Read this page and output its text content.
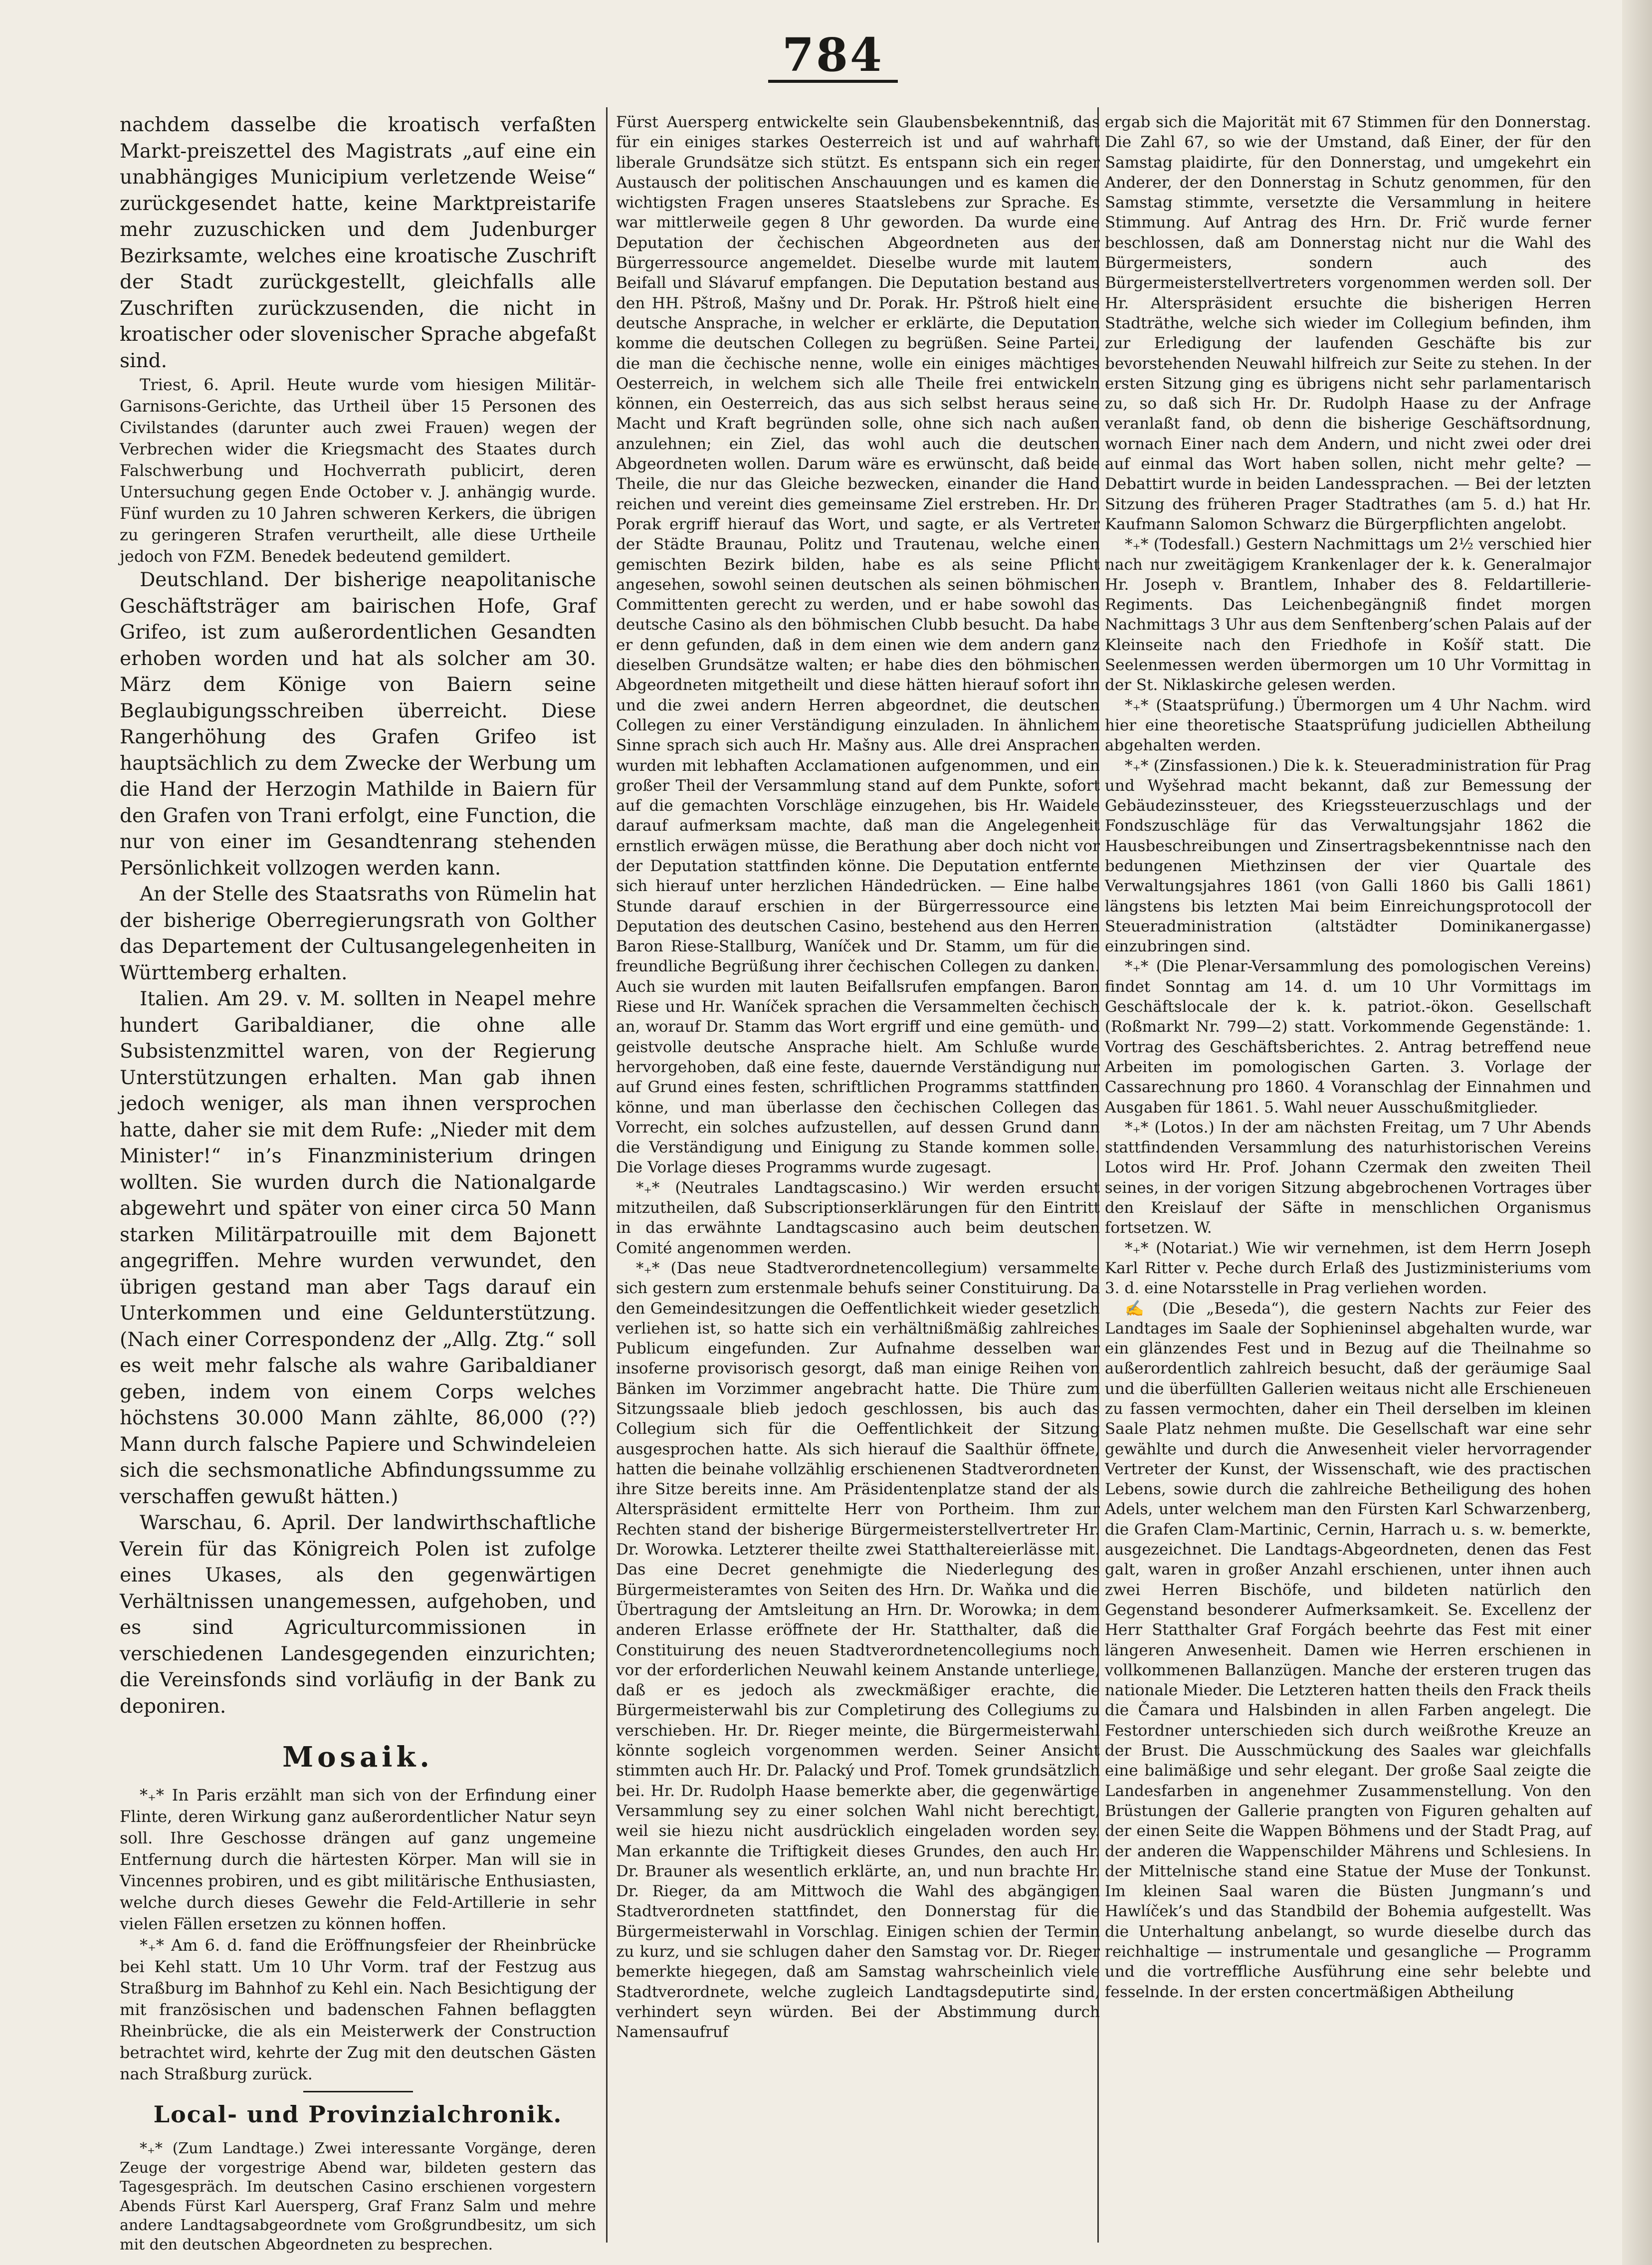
784

nachdem dasselbe die kroatisch verfaßten Markt-preiszettel des Magistrats „auf eine ein unabhängiges Municipium verletzende Weise“ zurückgesendet hatte, keine Marktpreistarife mehr zuzuschicken und dem Judenburger Bezirksamte, welches eine kroatische Zuschrift der Stadt zurückgestellt, gleichfalls alle Zuschriften zurückzusenden, die nicht in kroatischer oder slovenischer Sprache abgefaßt sind.

Triest, 6. April. Heute wurde vom hiesigen Militär-Garnisons-Gerichte, das Urtheil über 15 Personen des Civilstandes (darunter auch zwei Frauen) wegen der Verbrechen wider die Kriegsmacht des Staates durch Falschwerbung und Hochverrath publicirt, deren Untersuchung gegen Ende October v. J. anhängig wurde. Fünf wurden zu 10 Jahren schweren Kerkers, die übrigen zu geringeren Strafen verurtheilt, alle diese Urtheile jedoch von FZM. Benedek bedeutend gemildert.

Deutschland. Der bisherige neapolitanische Geschäftsträger am bairischen Hofe, Graf Grifeo, ist zum außerordentlichen Gesandten erhoben worden und hat als solcher am 30. März dem Könige von Baiern seine Beglaubigungsschreiben überreicht. Diese Rangerhöhung des Grafen Grifeo ist hauptsächlich zu dem Zwecke der Werbung um die Hand der Herzogin Mathilde in Baiern für den Grafen von Trani erfolgt, eine Function, die nur von einer im Gesandtenrang stehenden Persönlichkeit vollzogen werden kann.

An der Stelle des Staatsraths von Rümelin hat der bisherige Oberregierungsrath von Golther das Departement der Cultusangelegenheiten in Württemberg erhalten.

Italien. Am 29. v. M. sollten in Neapel mehre hundert Garibaldianer, die ohne alle Subsistenzmittel waren, von der Regierung Unterstützungen erhalten. Man gab ihnen jedoch weniger, als man ihnen versprochen hatte, daher sie mit dem Rufe: „Nieder mit dem Minister!“ in’s Finanzministerium dringen wollten. Sie wurden durch die Nationalgarde abgewehrt und später von einer circa 50 Mann starken Militärpatrouille mit dem Bajonett angegriffen. Mehre wurden verwundet, den übrigen gestand man aber Tags darauf ein Unterkommen und eine Geldunterstützung. (Nach einer Correspondenz der „Allg. Ztg.“ soll es weit mehr falsche als wahre Garibaldianer geben, indem von einem Corps welches höchstens 30.000 Mann zählte, 86,000 (??) Mann durch falsche Papiere und Schwindeleien sich die sechsmonatliche Abfindungssumme zu verschaffen gewußt hätten.)

Warschau, 6. April. Der landwirthschaftliche Verein für das Königreich Polen ist zufolge eines Ukases, als den gegenwärtigen Verhältnissen unangemessen, aufgehoben, und es sind Agriculturcommissionen in verschiedenen Landesgegenden einzurichten; die Vereinsfonds sind vorläufig in der Bank zu deponiren.

Mosaik.

*₊* In Paris erzählt man sich von der Erfindung einer Flinte, deren Wirkung ganz außerordentlicher Natur seyn soll. Ihre Geschosse drängen auf ganz ungemeine Entfernung durch die härtesten Körper. Man will sie in Vincennes probiren, und es gibt militärische Enthusiasten, welche durch dieses Gewehr die Feld-Artillerie in sehr vielen Fällen ersetzen zu können hoffen.

*₊* Am 6. d. fand die Eröffnungsfeier der Rheinbrücke bei Kehl statt. Um 10 Uhr Vorm. traf der Festzug aus Straßburg im Bahnhof zu Kehl ein. Nach Besichtigung der mit französischen und badenschen Fahnen beflaggten Rheinbrücke, die als ein Meisterwerk der Construction betrachtet wird, kehrte der Zug mit den deutschen Gästen nach Straßburg zurück.

Local- und Provinzialchronik.

*₊* (Zum Landtage.) Zwei interessante Vorgänge, deren Zeuge der vorgestrige Abend war, bildeten gestern das Tagesgespräch. Im deutschen Casino erschienen vorgestern Abends Fürst Karl Auersperg, Graf Franz Salm und mehre andere Landtagsabgeordnete vom Großgrundbesitz, um sich mit den deutschen Abgeordneten zu besprechen.

Fürst Auersperg entwickelte sein Glaubensbekenntniß, das für ein einiges starkes Oesterreich ist und auf wahrhaft liberale Grundsätze sich stützt. Es entspann sich ein reger Austausch der politischen Anschauungen und es kamen die wichtigsten Fragen unseres Staatslebens zur Sprache. Es war mittlerweile gegen 8 Uhr geworden. Da wurde eine Deputation der čechischen Abgeordneten aus der Bürgerressource angemeldet. Dieselbe wurde mit lautem Beifall und Slávaruf empfangen. Die Deputation bestand aus den HH. Pštroß, Mašny und Dr. Porak. Hr. Pštroß hielt eine deutsche Ansprache, in welcher er erklärte, die Deputation komme die deutschen Collegen zu begrüßen. Seine Partei, die man die čechische nenne, wolle ein einiges mächtiges Oesterreich, in welchem sich alle Theile frei entwickeln können, ein Oesterreich, das aus sich selbst heraus seine Macht und Kraft begründen solle, ohne sich nach außen anzulehnen; ein Ziel, das wohl auch die deutschen Abgeordneten wollen. Darum wäre es erwünscht, daß beide Theile, die nur das Gleiche bezwecken, einander die Hand reichen und vereint dies gemeinsame Ziel erstreben. Hr. Dr. Porak ergriff hierauf das Wort, und sagte, er als Vertreter der Städte Braunau, Politz und Trautenau, welche einen gemischten Bezirk bilden, habe es als seine Pflicht angesehen, sowohl seinen deutschen als seinen böhmischen Committenten gerecht zu werden, und er habe sowohl das deutsche Casino als den böhmischen Clubb besucht. Da habe er denn gefunden, daß in dem einen wie dem andern ganz dieselben Grundsätze walten; er habe dies den böhmischen Abgeordneten mitgetheilt und diese hätten hierauf sofort ihn und die zwei andern Herren abgeordnet, die deutschen Collegen zu einer Verständigung einzuladen. In ähnlichem Sinne sprach sich auch Hr. Mašny aus. Alle drei Ansprachen wurden mit lebhaften Acclamationen aufgenommen, und ein großer Theil der Versammlung stand auf dem Punkte, sofort auf die gemachten Vorschläge einzugehen, bis Hr. Waidele darauf aufmerksam machte, daß man die Angelegenheit ernstlich erwägen müsse, die Berathung aber doch nicht vor der Deputation stattfinden könne. Die Deputation entfernte sich hierauf unter herzlichen Händedrücken. — Eine halbe Stunde darauf erschien in der Bürgerressource eine Deputation des deutschen Casino, bestehend aus den Herren Baron Riese-Stallburg, Waníček und Dr. Stamm, um für die freundliche Begrüßung ihrer čechischen Collegen zu danken. Auch sie wurden mit lauten Beifallsrufen empfangen. Baron Riese und Hr. Waníček sprachen die Versammelten čechisch an, worauf Dr. Stamm das Wort ergriff und eine gemüth- und geistvolle deutsche Ansprache hielt. Am Schluße wurde hervorgehoben, daß eine feste, dauernde Verständigung nur auf Grund eines festen, schriftlichen Programms stattfinden könne, und man überlasse den čechischen Collegen das Vorrecht, ein solches aufzustellen, auf dessen Grund dann die Verständigung und Einigung zu Stande kommen solle. Die Vorlage dieses Programms wurde zugesagt.

*₊* (Neutrales Landtagscasino.) Wir werden ersucht mitzutheilen, daß Subscriptionserklärungen für den Eintritt in das erwähnte Landtagscasino auch beim deutschen Comité angenommen werden.

*₊* (Das neue Stadtverordnetencollegium) versammelte sich gestern zum erstenmale behufs seiner Constituirung. Da den Gemeindesitzungen die Oeffentlichkeit wieder gesetzlich verliehen ist, so hatte sich ein verhältnißmäßig zahlreiches Publicum eingefunden. Zur Aufnahme desselben war insoferne provisorisch gesorgt, daß man einige Reihen von Bänken im Vorzimmer angebracht hatte. Die Thüre zum Sitzungssaale blieb jedoch geschlossen, bis auch das Collegium sich für die Oeffentlichkeit der Sitzung ausgesprochen hatte. Als sich hierauf die Saalthür öffnete, hatten die beinahe vollzählig erschienenen Stadtverordneten ihre Sitze bereits inne. Am Präsidentenplatze stand der als Alterspräsident ermittelte Herr von Portheim. Ihm zur Rechten stand der bisherige Bürgermeisterstellvertreter Hr. Dr. Worowka. Letzterer theilte zwei Statthaltereierlässe mit. Das eine Decret genehmigte die Niederlegung des Bürgermeisteramtes von Seiten des Hrn. Dr. Waňka und die Übertragung der Amtsleitung an Hrn. Dr. Worowka; in dem anderen Erlasse eröffnete der Hr. Statthalter, daß die Constituirung des neuen Stadtverordnetencollegiums noch vor der erforderlichen Neuwahl keinem Anstande unterliege, daß er es jedoch als zweckmäßiger erachte, die Bürgermeisterwahl bis zur Completirung des Collegiums zu verschieben. Hr. Dr. Rieger meinte, die Bürgermeisterwahl könnte sogleich vorgenommen werden. Seiner Ansicht stimmten auch Hr. Dr. Palacký und Prof. Tomek grundsätzlich bei. Hr. Dr. Rudolph Haase bemerkte aber, die gegenwärtige Versammlung sey zu einer solchen Wahl nicht berechtigt, weil sie hiezu nicht ausdrücklich eingeladen worden sey. Man erkannte die Triftigkeit dieses Grundes, den auch Hr. Dr. Brauner als wesentlich erklärte, an, und nun brachte Hr. Dr. Rieger, da am Mittwoch die Wahl des abgängigen Stadtverordneten stattfindet, den Donnerstag für die Bürgermeisterwahl in Vorschlag. Einigen schien der Termin zu kurz, und sie schlugen daher den Samstag vor. Dr. Rieger bemerkte hiegegen, daß am Samstag wahrscheinlich viele Stadtverordnete, welche zugleich Landtagsdeputirte sind, verhindert seyn würden. Bei der Abstimmung durch Namensaufruf

ergab sich die Majorität mit 67 Stimmen für den Donnerstag. Die Zahl 67, so wie der Umstand, daß Einer, der für den Samstag plaidirte, für den Donnerstag, und umgekehrt ein Anderer, der den Donnerstag in Schutz genommen, für den Samstag stimmte, versetzte die Versammlung in heitere Stimmung. Auf Antrag des Hrn. Dr. Frič wurde ferner beschlossen, daß am Donnerstag nicht nur die Wahl des Bürgermeisters, sondern auch des Bürgermeisterstellvertreters vorgenommen werden soll. Der Hr. Alterspräsident ersuchte die bisherigen Herren Stadträthe, welche sich wieder im Collegium befinden, ihm zur Erledigung der laufenden Geschäfte bis zur bevorstehenden Neuwahl hilfreich zur Seite zu stehen. In der ersten Sitzung ging es übrigens nicht sehr parlamentarisch zu, so daß sich Hr. Dr. Rudolph Haase zu der Anfrage veranlaßt fand, ob denn die bisherige Geschäftsordnung, wornach Einer nach dem Andern, und nicht zwei oder drei auf einmal das Wort haben sollen, nicht mehr gelte? — Debattirt wurde in beiden Landessprachen. — Bei der letzten Sitzung des früheren Prager Stadtrathes (am 5. d.) hat Hr. Kaufmann Salomon Schwarz die Bürgerpflichten angelobt.

*₊* (Todesfall.) Gestern Nachmittags um 2½ verschied hier nach nur zweitägigem Krankenlager der k. k. Generalmajor Hr. Joseph v. Brantlem, Inhaber des 8. Feldartillerie-Regiments. Das Leichenbegängniß findet morgen Nachmittags 3 Uhr aus dem Senftenberg’schen Palais auf der Kleinseite nach den Friedhofe in Košíř statt. Die Seelenmessen werden übermorgen um 10 Uhr Vormittag in der St. Niklaskirche gelesen werden.

*₊* (Staatsprüfung.) Übermorgen um 4 Uhr Nachm. wird hier eine theoretische Staatsprüfung judiciellen Abtheilung abgehalten werden.

*₊* (Zinsfassionen.) Die k. k. Steueradministration für Prag und Wyšehrad macht bekannt, daß zur Bemessung der Gebäudezinssteuer, des Kriegssteuerzuschlags und der Fondszuschläge für das Verwaltungsjahr 1862 die Hausbeschreibungen und Zinsertragsbekenntnisse nach den bedungenen Miethzinsen der vier Quartale des Verwaltungsjahres 1861 (von Galli 1860 bis Galli 1861) längstens bis letzten Mai beim Einreichungsprotocoll der Steueradministration (altstädter Dominikanergasse) einzubringen sind.

*₊* (Die Plenar-Versammlung des pomologischen Vereins) findet Sonntag am 14. d. um 10 Uhr Vormittags im Geschäftslocale der k. k. patriot.-ökon. Gesellschaft (Roßmarkt Nr. 799—2) statt. Vorkommende Gegenstände: 1. Vortrag des Geschäftsberichtes. 2. Antrag betreffend neue Arbeiten im pomologischen Garten. 3. Vorlage der Cassarechnung pro 1860. 4 Voranschlag der Einnahmen und Ausgaben für 1861. 5. Wahl neuer Ausschußmitglieder.

*₊* (Lotos.) In der am nächsten Freitag, um 7 Uhr Abends stattfindenden Versammlung des naturhistorischen Vereins Lotos wird Hr. Prof. Johann Czermak den zweiten Theil seines, in der vorigen Sitzung abgebrochenen Vortrages über den Kreislauf der Säfte in menschlichen Organismus fortsetzen. W.

*₊* (Notariat.) Wie wir vernehmen, ist dem Herrn Joseph Karl Ritter v. Peche durch Erlaß des Justizministeriums vom 3. d. eine Notarsstelle in Prag verliehen worden.

✍ (Die „Beseda“), die gestern Nachts zur Feier des Landtages im Saale der Sophieninsel abgehalten wurde, war ein glänzendes Fest und in Bezug auf die Theilnahme so außerordentlich zahlreich besucht, daß der geräumige Saal und die überfüllten Gallerien weitaus nicht alle Erschieneuen zu fassen vermochten, daher ein Theil derselben im kleinen Saale Platz nehmen mußte. Die Gesellschaft war eine sehr gewählte und durch die Anwesenheit vieler hervorragender Vertreter der Kunst, der Wissenschaft, wie des practischen Lebens, sowie durch die zahlreiche Betheiligung des hohen Adels, unter welchem man den Fürsten Karl Schwarzenberg, die Grafen Clam-Martinic, Cernin, Harrach u. s. w. bemerkte, ausgezeichnet. Die Landtags-Abgeordneten, denen das Fest galt, waren in großer Anzahl erschienen, unter ihnen auch zwei Herren Bischöfe, und bildeten natürlich den Gegenstand besonderer Aufmerksamkeit. Se. Excellenz der Herr Statthalter Graf Forgách beehrte das Fest mit einer längeren Anwesenheit. Damen wie Herren erschienen in vollkommenen Ballanzügen. Manche der ersteren trugen das nationale Mieder. Die Letzteren hatten theils den Frack theils die Čamara und Halsbinden in allen Farben angelegt. Die Festordner unterschieden sich durch weißrothe Kreuze an der Brust. Die Ausschmückung des Saales war gleichfalls eine balimäßige und sehr elegant. Der große Saal zeigte die Landesfarben in angenehmer Zusammenstellung. Von den Brüstungen der Gallerie prangten von Figuren gehalten auf der einen Seite die Wappen Böhmens und der Stadt Prag, auf der anderen die Wappenschilder Mährens und Schlesiens. In der Mittelnische stand eine Statue der Muse der Tonkunst. Im kleinen Saal waren die Büsten Jungmann’s und Hawlíček’s und das Standbild der Bohemia aufgestellt. Was die Unterhaltung anbelangt, so wurde dieselbe durch das reichhaltige — instrumentale und gesangliche — Programm und die vortreffliche Ausführung eine sehr belebte und fesselnde. In der ersten concertmäßigen Abtheilung
